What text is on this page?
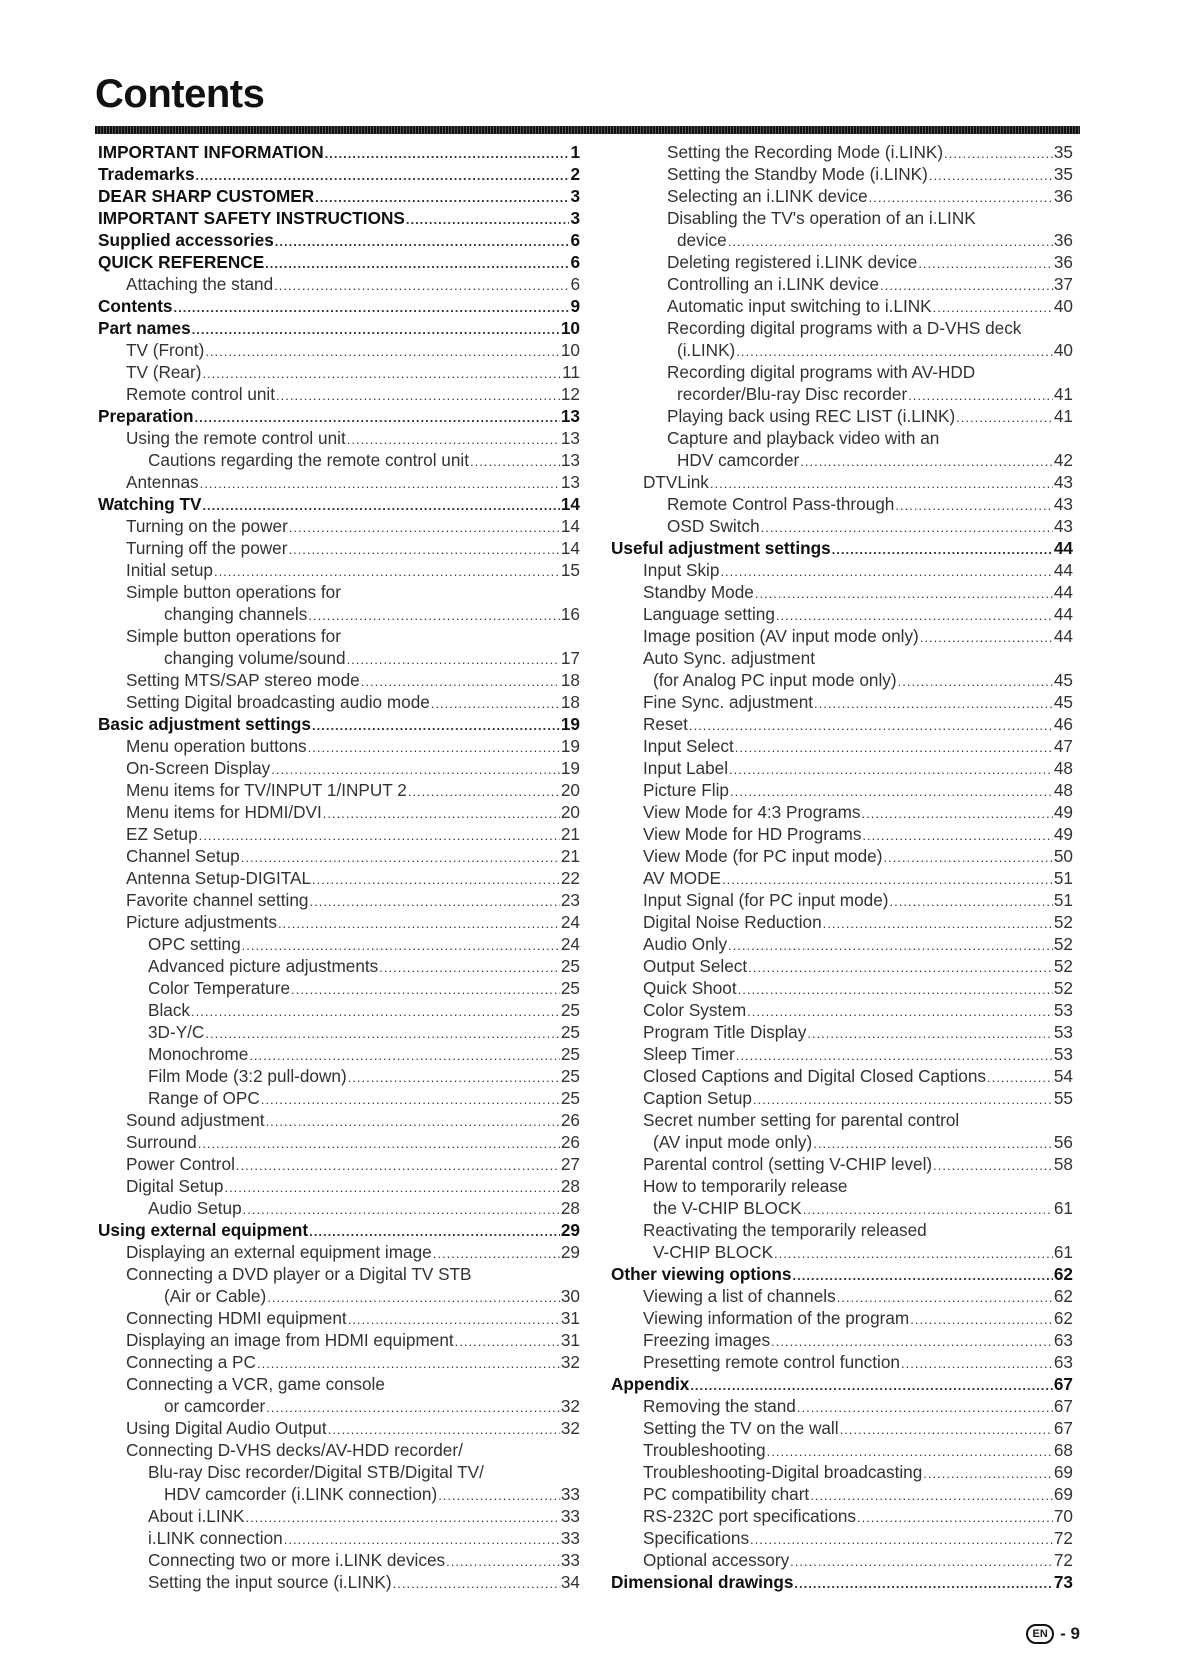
Contents
IMPORTANT INFORMATION .....	1
Trademarks .....	2
DEAR SHARP CUSTOMER .....	3
IMPORTANT SAFETY INSTRUCTIONS .....	3
Supplied accessories .....	6
QUICK REFERENCE .....	6
Attaching the stand .....	6
Contents .....	9
Part names .....	10
TV (Front) .....	10
TV (Rear) .....	11
Remote control unit .....	12
Preparation .....	13
Using the remote control unit .....	13
Cautions regarding the remote control unit .....	13
Antennas .....	13
Watching TV .....	14
Turning on the power .....	14
Turning off the power .....	14
Initial setup .....	15
Simple button operations for
changing channels .....	16
Simple button operations for
changing volume/sound .....	17
Setting MTS/SAP stereo mode .....	18
Setting Digital broadcasting audio mode .....	18
Basic adjustment settings .....	19
Menu operation buttons .....	19
On-Screen Display .....	19
Menu items for TV/INPUT 1/INPUT 2 .....	20
Menu items for HDMI/DVI .....	20
EZ Setup .....	21
Channel Setup .....	21
Antenna Setup-DIGITAL .....	22
Favorite channel setting .....	23
Picture adjustments .....	24
OPC setting .....	24
Advanced picture adjustments .....	25
Color Temperature .....	25
Black .....	25
3D-Y/C .....	25
Monochrome .....	25
Film Mode (3:2 pull-down) .....	25
Range of OPC .....	25
Sound adjustment .....	26
Surround .....	26
Power Control .....	27
Digital Setup .....	28
Audio Setup .....	28
Using external equipment .....	29
Displaying an external equipment image .....	29
Connecting a DVD player or a Digital TV STB
(Air or Cable) .....	30
Connecting HDMI equipment .....	31
Displaying an image from HDMI equipment .....	31
Connecting a PC .....	32
Connecting a VCR, game console
or camcorder .....	32
Using Digital Audio Output .....	32
Connecting D-VHS decks/AV-HDD recorder/
Blu-ray Disc recorder/Digital STB/Digital TV/
HDV camcorder (i.LINK connection) .....	33
About i.LINK .....	33
i.LINK connection .....	33
Connecting two or more i.LINK devices .....	33
Setting the input source (i.LINK) .....	34
Setting the Recording Mode (i.LINK) .....	35
Setting the Standby Mode (i.LINK) .....	35
Selecting an i.LINK device .....	36
Disabling the TV's operation of an i.LINK
device .....	36
Deleting registered i.LINK device .....	36
Controlling an i.LINK device .....	37
Automatic input switching to i.LINK .....	40
Recording digital programs with a D-VHS deck
(i.LINK) .....	40
Recording digital programs with AV-HDD
recorder/Blu-ray Disc recorder .....	41
Playing back using REC LIST (i.LINK) .....	41
Capture and playback video with an
HDV camcorder .....	42
DTVLink .....	43
Remote Control Pass-through .....	43
OSD Switch .....	43
Useful adjustment settings .....	44
Input Skip .....	44
Standby Mode .....	44
Language setting .....	44
Image position (AV input mode only) .....	44
Auto Sync. adjustment
(for Analog PC input mode only) .....	45
Fine Sync. adjustment .....	45
Reset .....	46
Input Select .....	47
Input Label .....	48
Picture Flip .....	48
View Mode for 4:3 Programs .....	49
View Mode for HD Programs .....	49
View Mode (for PC input mode) .....	50
AV MODE .....	51
Input Signal (for PC input mode) .....	51
Digital Noise Reduction .....	52
Audio Only .....	52
Output Select .....	52
Quick Shoot .....	52
Color System .....	53
Program Title Display .....	53
Sleep Timer .....	53
Closed Captions and Digital Closed Captions .....	54
Caption Setup .....	55
Secret number setting for parental control
(AV input mode only) .....	56
Parental control (setting V-CHIP level) .....	58
How to temporarily release
the V-CHIP BLOCK .....	61
Reactivating the temporarily released
V-CHIP BLOCK .....	61
Other viewing options .....	62
Viewing a list of channels .....	62
Viewing information of the program .....	62
Freezing images .....	63
Presetting remote control function .....	63
Appendix .....	67
Removing the stand .....	67
Setting the TV on the wall .....	67
Troubleshooting .....	68
Troubleshooting-Digital broadcasting .....	69
PC compatibility chart .....	69
RS-232C port specifications .....	70
Specifications .....	72
Optional accessory .....	72
Dimensional drawings .....	73
EN - 9
